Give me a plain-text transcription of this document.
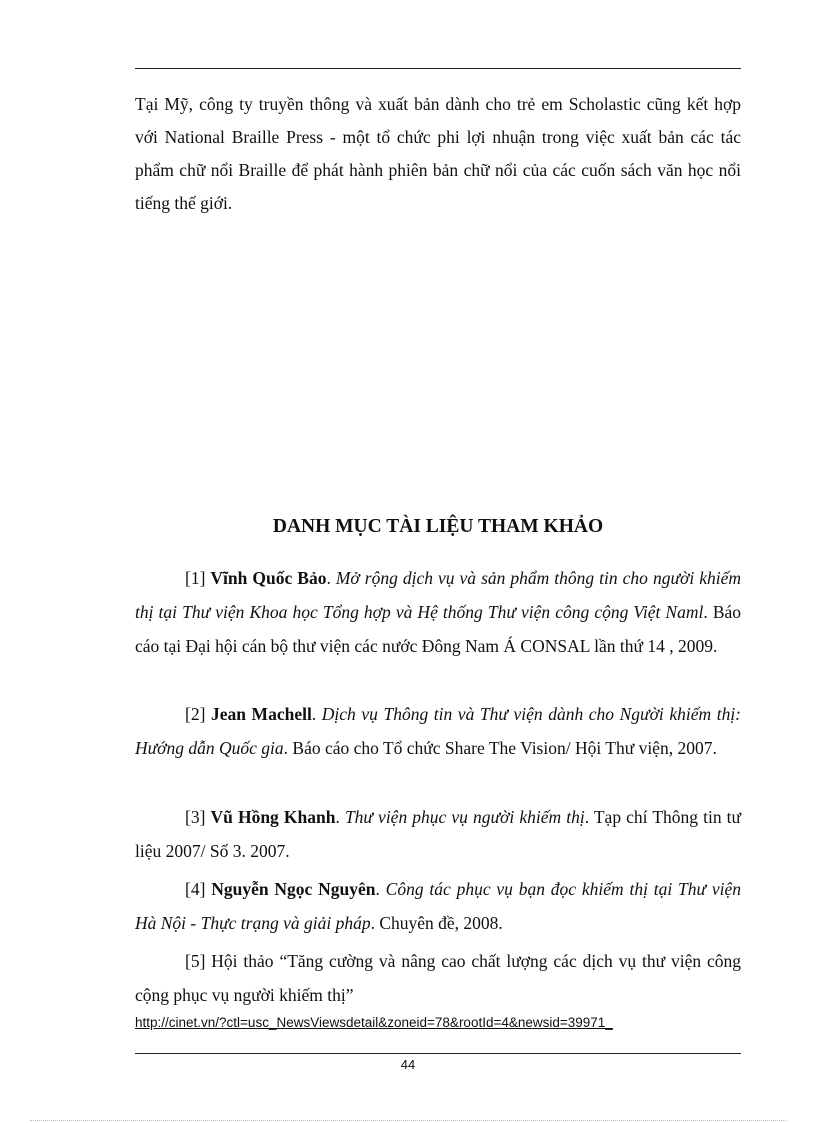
Tại Mỹ, công ty truyền thông và xuất bản dành cho trẻ em Scholastic cũng kết hợp với National Braille Press - một tổ chức phi lợi nhuận trong việc xuất bản các tác phẩm chữ nổi Braille để phát hành phiên bản chữ nổi của các cuốn sách văn học nổi tiếng thế giới.

DANH MỤC TÀI LIỆU THAM KHẢO

[1] Vĩnh Quốc Bảo. Mở rộng dịch vụ và sản phẩm thông tin cho người khiếm thị tại Thư viện Khoa học Tổng hợp và Hệ thống Thư viện công cộng Việt Naml. Báo cáo tại Đại hội cán bộ thư viện các nước Đông Nam Á CONSAL lần thứ 14 , 2009.

[2] Jean Machell. Dịch vụ Thông tin và Thư viện dành cho Người khiếm thị: Hướng dẫn Quốc gia. Báo cáo cho Tổ chức Share The Vision/ Hội Thư viện, 2007.

[3] Vũ Hồng Khanh. Thư viện phục vụ người khiếm thị. Tạp chí Thông tin tư liệu 2007/ Số 3. 2007.

[4] Nguyễn Ngọc Nguyên. Công tác phục vụ bạn đọc khiếm thị tại Thư viện Hà Nội - Thực trạng và giải pháp. Chuyên đề, 2008.

[5] Hội thảo “Tăng cường và nâng cao chất lượng các dịch vụ thư viện công cộng phục vụ người khiếm thị”

http://cinet.vn/?ctl=usc_NewsViewsdetail&zoneid=78&rootId=4&newsid=39971_
44
